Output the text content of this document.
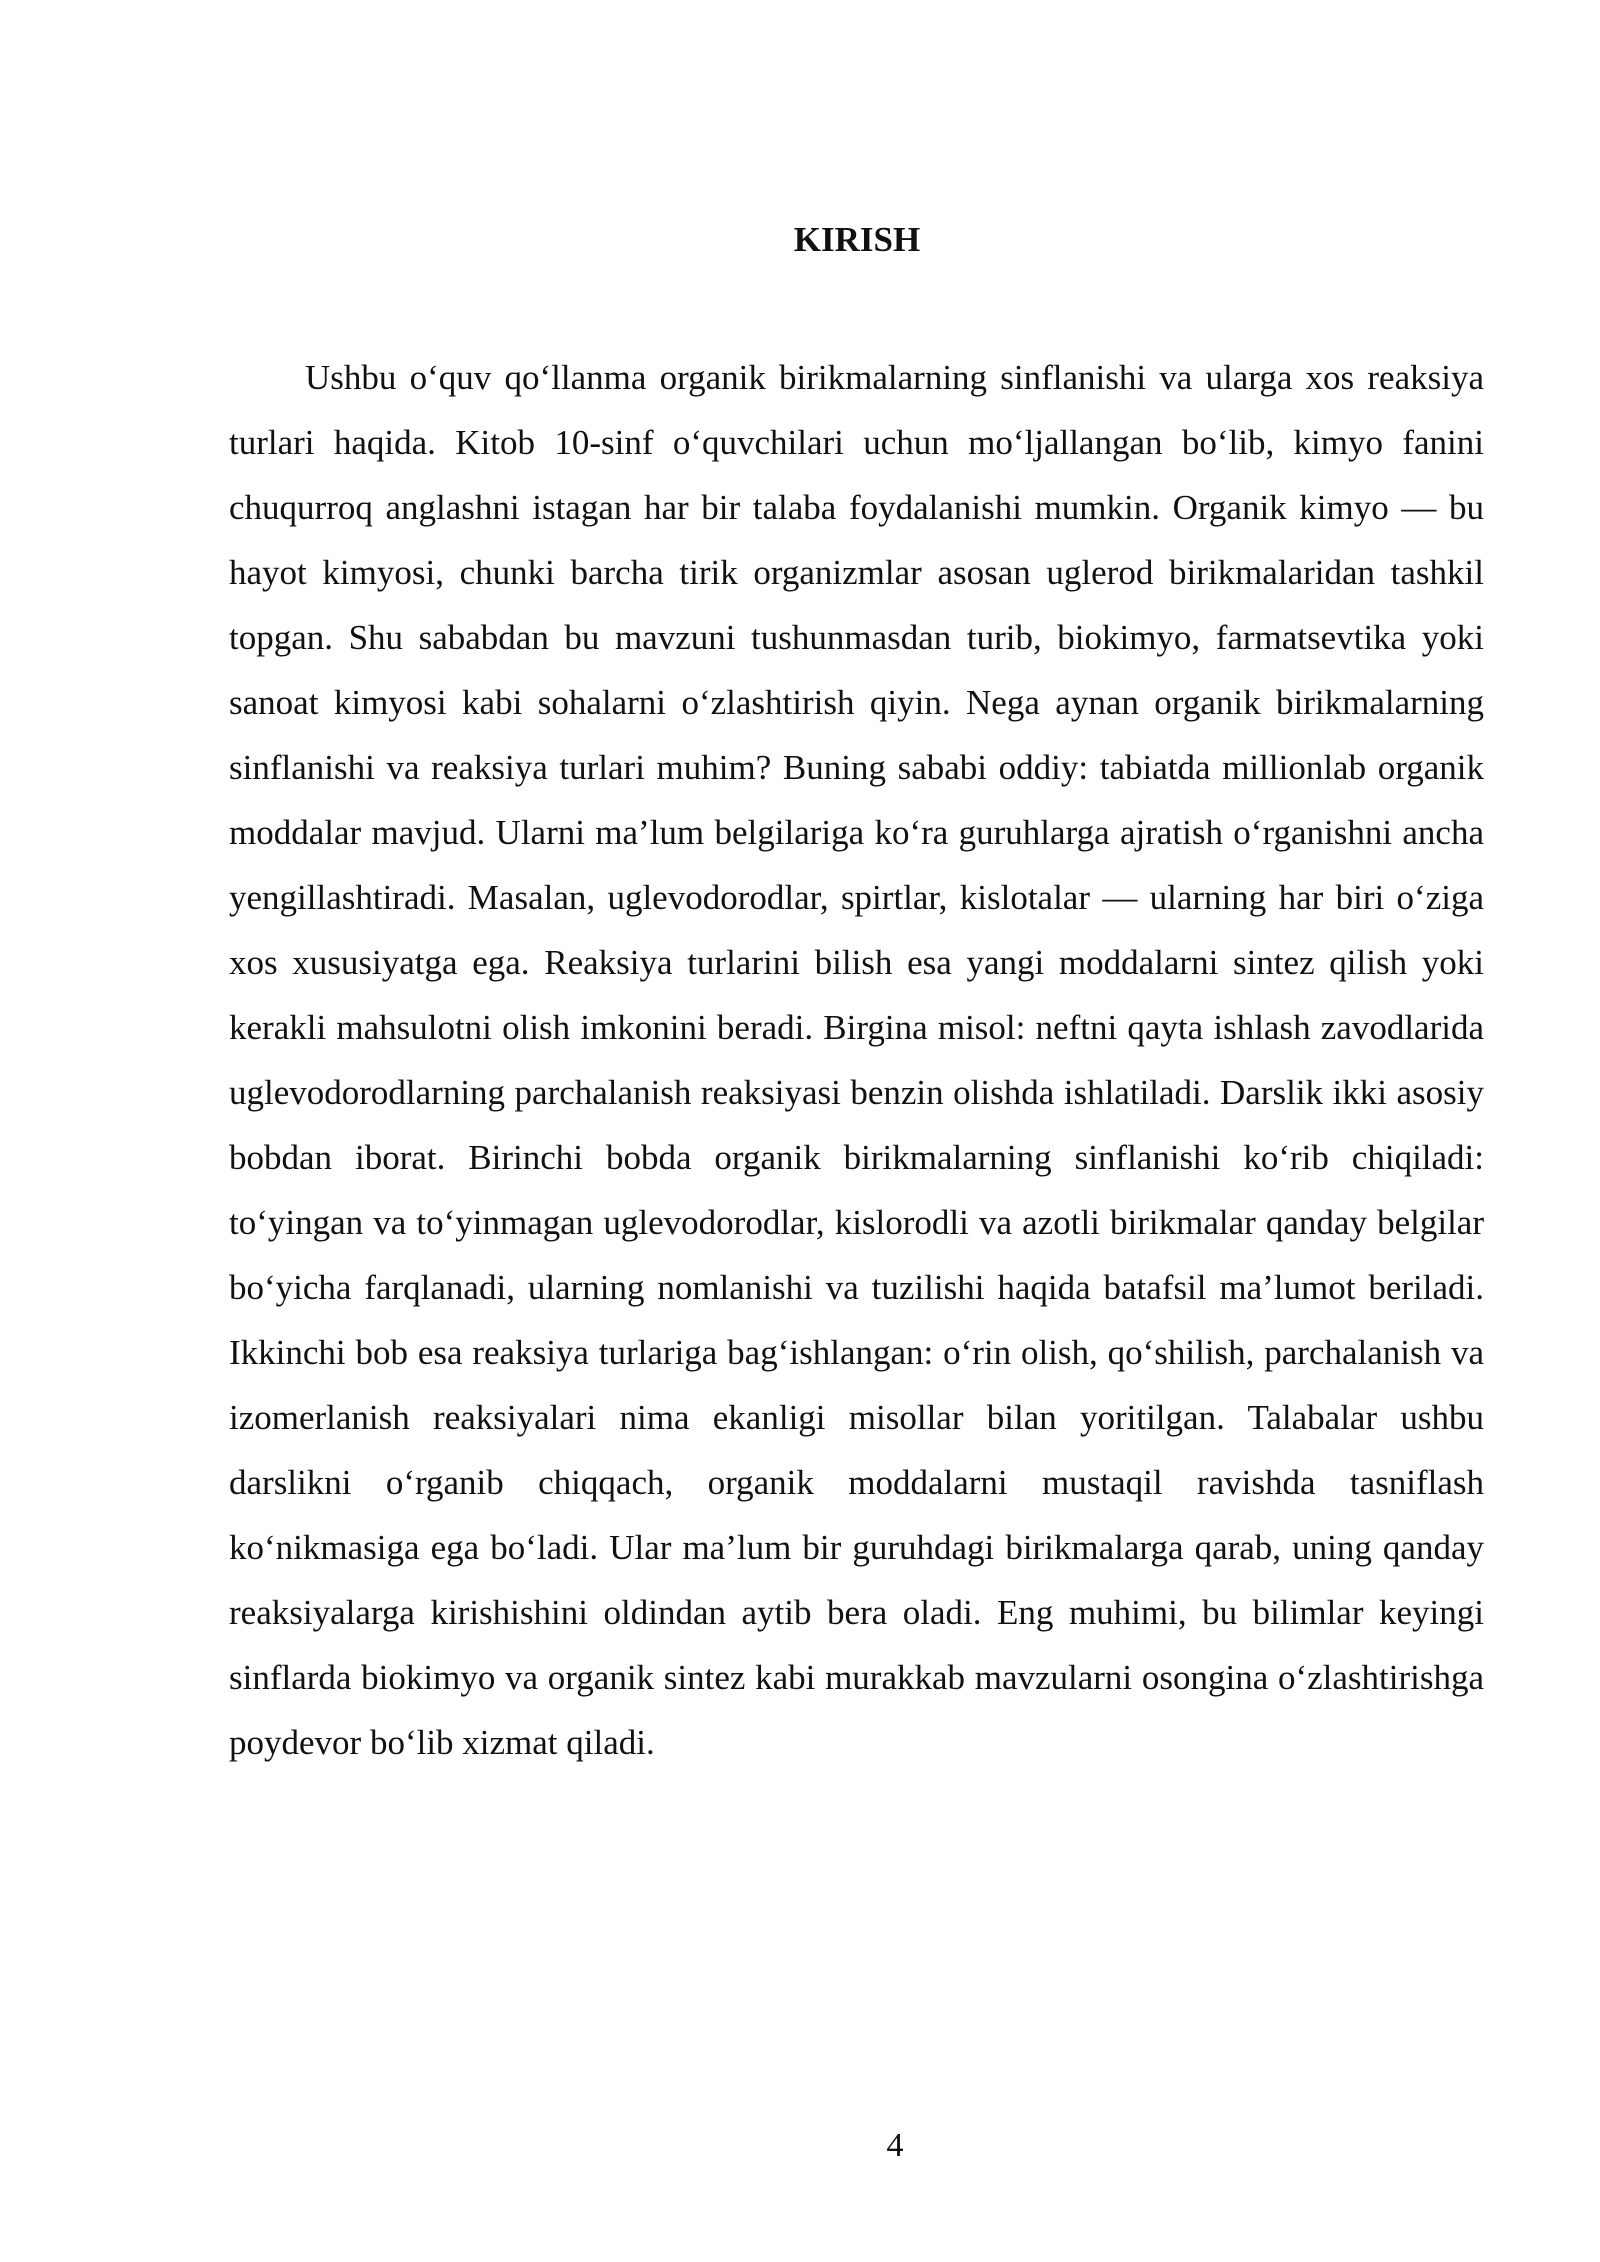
KIRISH

Ushbu o‘quv qo‘llanma organik birikmalarning sinflanishi va ularga xos reaksiya turlari haqida. Kitob 10-sinf o‘quvchilari uchun mo‘ljallangan bo‘lib, kimyo fanini chuqurroq anglashni istagan har bir talaba foydalanishi mumkin. Organik kimyo — bu hayot kimyosi, chunki barcha tirik organizmlar asosan uglerod birikmalaridan tashkil topgan. Shu sababdan bu mavzuni tushunmasdan turib, biokimyo, farmatsevtika yoki sanoat kimyosi kabi sohalarni o‘zlashtirish qiyin. Nega aynan organik birikmalarning sinflanishi va reaksiya turlari muhim? Buning sababi oddiy: tabiatda millionlab organik moddalar mavjud. Ularni ma’lum belgilariga ko‘ra guruhlarga ajratish o‘rganishni ancha yengillashtiradi. Masalan, uglevodorodlar, spirtlar, kislotalar — ularning har biri o‘ziga xos xususiyatga ega. Reaksiya turlarini bilish esa yangi moddalarni sintez qilish yoki kerakli mahsulotni olish imkonini beradi. Birgina misol: neftni qayta ishlash zavodlarida uglevodorodlarning parchalanish reaksiyasi benzin olishda ishlatiladi. Darslik ikki asosiy bobdan iborat. Birinchi bobda organik birikmalarning sinflanishi ko‘rib chiqiladi: to‘yingan va to‘yinmagan uglevodorodlar, kislorodli va azotli birikmalar qanday belgilar bo‘yicha farqlanadi, ularning nomlanishi va tuzilishi haqida batafsil ma’lumot beriladi. Ikkinchi bob esa reaksiya turlariga bag‘ishlangan: o‘rin olish, qo‘shilish, parchalanish va izomerlanish reaksiyalari nima ekanligi misollar bilan yoritilgan. Talabalar ushbu darslikni o‘rganib chiqqach, organik moddalarni mustaqil ravishda tasniflash ko‘nikmasiga ega bo‘ladi. Ular ma’lum bir guruhdagi birikmalarga qarab, uning qanday reaksiyalarga kirishishini oldindan aytib bera oladi. Eng muhimi, bu bilimlar keyingi sinflarda biokimyo va organik sintez kabi murakkab mavzularni osongina o‘zlashtirishga poydevor bo‘lib xizmat qiladi.

4
